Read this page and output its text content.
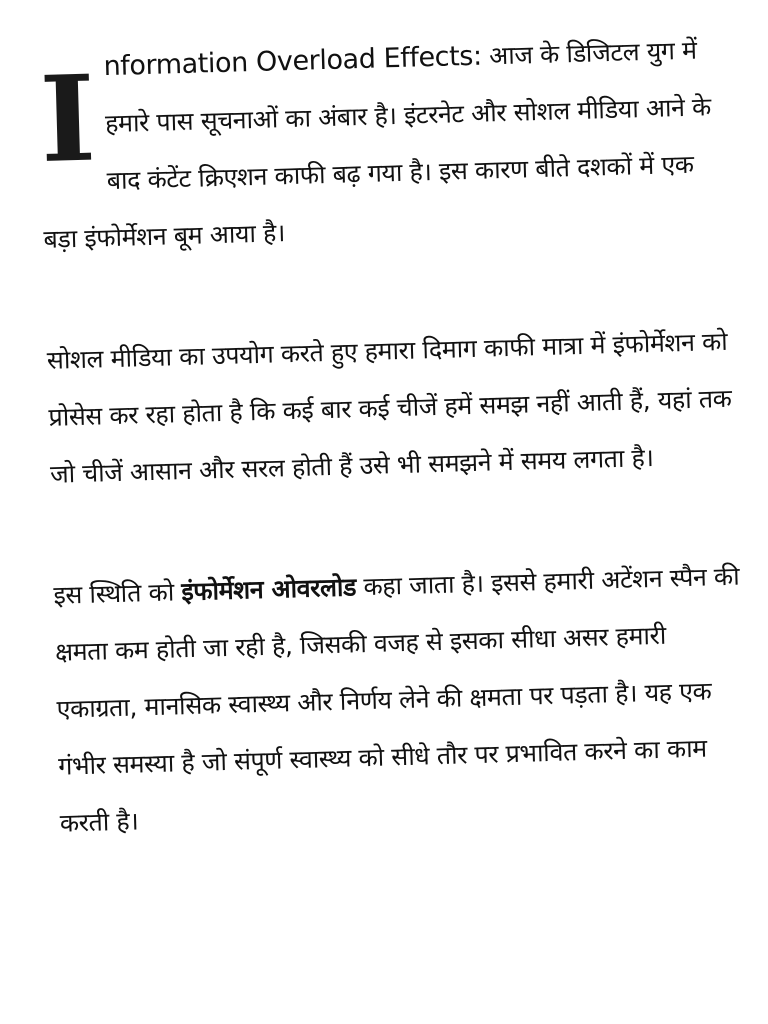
Information Overload Effects: आज के डिजिटल युग में हमारे पास सूचनाओं का अंबार है। इंटरनेट और सोशल मीडिया आने के बाद कंटेंट क्रिएशन काफी बढ़ गया है। इस कारण बीते दशकों में एक बड़ा इंफोर्मेशन बूम आया है।

सोशल मीडिया का उपयोग करते हुए हमारा दिमाग काफी मात्रा में इंफोर्मेशन को प्रोसेस कर रहा होता है कि कई बार कई चीजें हमें समझ नहीं आती हैं, यहां तक जो चीजें आसान और सरल होती हैं उसे भी समझने में समय लगता है।

इस स्थिति को इंफोर्मेशन ओवरलोड कहा जाता है। इससे हमारी अटेंशन स्पैन की क्षमता कम होती जा रही है, जिसकी वजह से इसका सीधा असर हमारी एकाग्रता, मानसिक स्वास्थ्य और निर्णय लेने की क्षमता पर पड़ता है। यह एक गंभीर समस्या है जो संपूर्ण स्वास्थ्य को सीधे तौर पर प्रभावित करने का काम करती है।
